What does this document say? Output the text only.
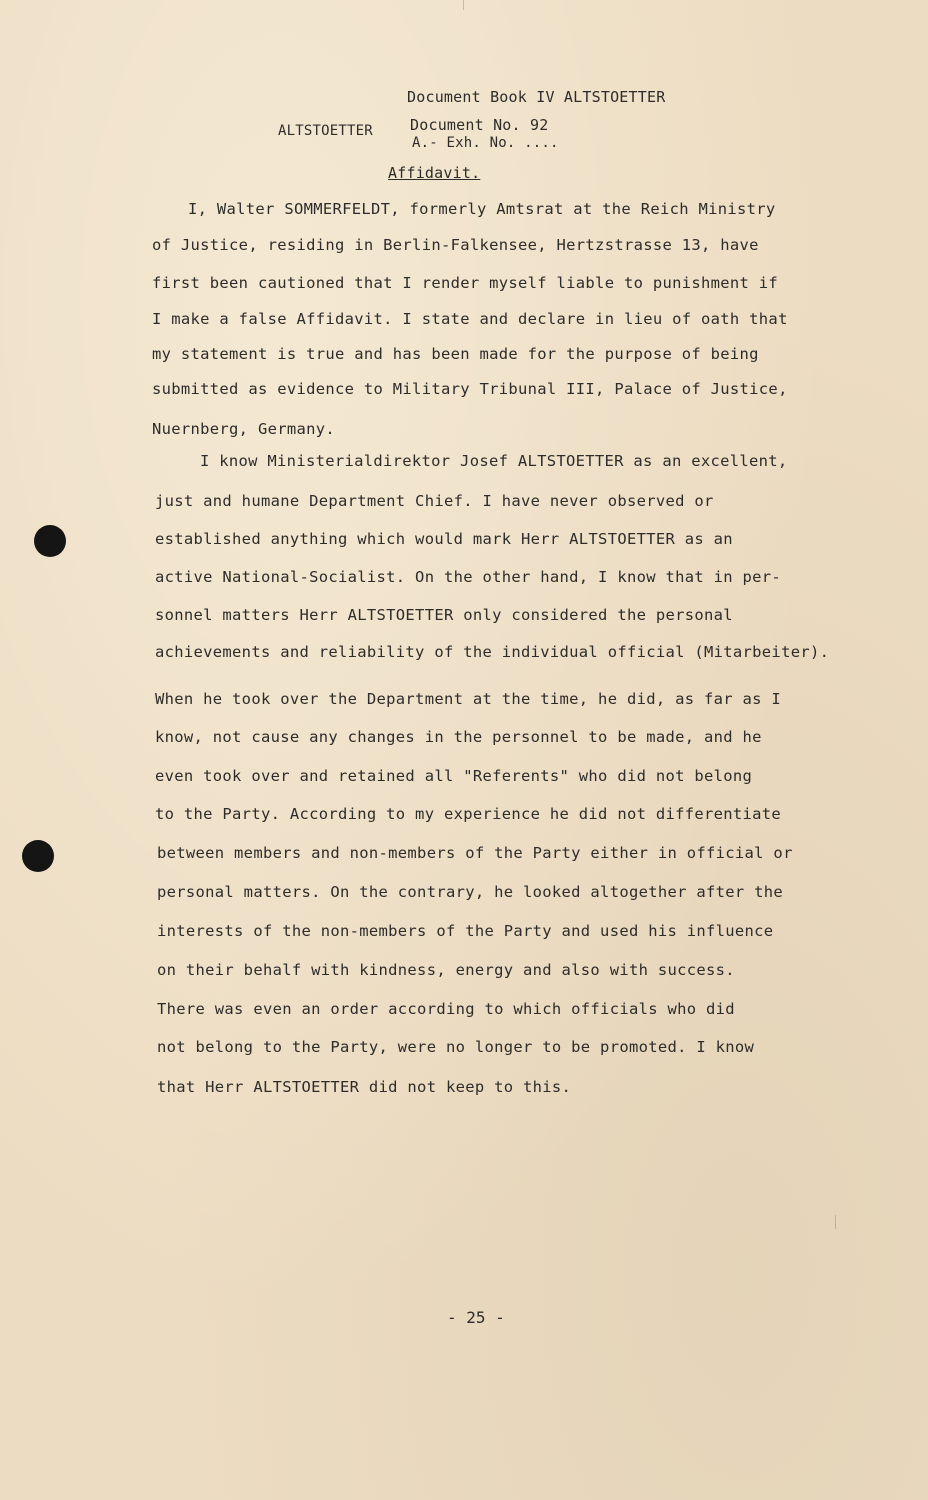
Document Book IV ALTSTOETTER
ALTSTOETTER Document No. 92
A.- Exh. No. ....
Affidavit.
I, Walter SOMMERFELDT, formerly Amtsrat at the Reich Ministry
of Justice, residing in Berlin-Falkensee, Hertzstrasse 13, have
first been cautioned that I render myself liable to punishment if
I make a false Affidavit. I state and declare in lieu of oath that
my statement is true and has been made for the purpose of being
submitted as evidence to Military Tribunal III, Palace of Justice,
Nuernberg, Germany.
I know Ministerialdirektor Josef ALTSTOETTER as an excellent,
just and humane Department Chief. I have never observed or
established anything which would mark Herr ALTSTOETTER as an
active National-Socialist. On the other hand, I know that in per-
sonnel matters Herr ALTSTOETTER only considered the personal
achievements and reliability of the individual official (Mitarbeiter).
When he took over the Department at the time, he did, as far as I
know, not cause any changes in the personnel to be made, and he
even took over and retained all "Referents" who did not belong
to the Party. According to my experience he did not differentiate
between members and non-members of the Party either in official or
personal matters. On the contrary, he looked altogether after the
interests of the non-members of the Party and used his influence
on their behalf with kindness, energy and also with success.
There was even an order according to which officials who did
not belong to the Party, were no longer to be promoted. I know
that Herr ALTSTOETTER did not keep to this.
- 25 -
